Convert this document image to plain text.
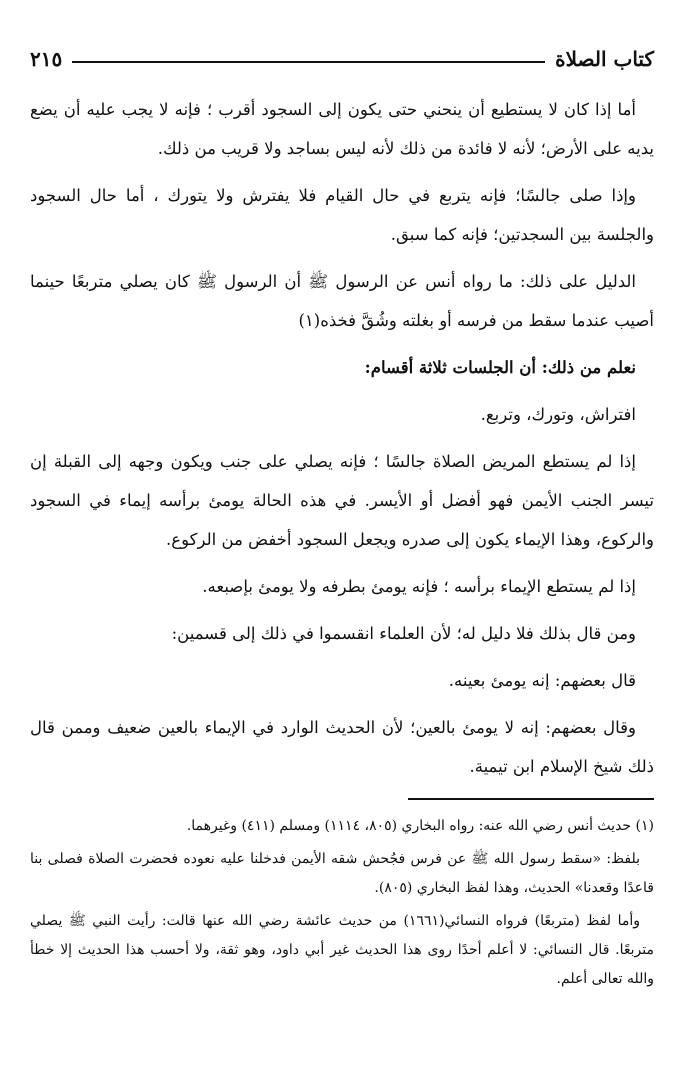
كتاب الصلاة
٢١٥

أما إذا كان لا يستطيع أن ينحني حتى يكون إلى السجود أقرب ؛ فإنه لا يجب عليه أن يضع يديه على الأرض؛ لأنه لا فائدة من ذلك لأنه ليس بساجد ولا قريب من ذلك.

وإذا صلى جالسًا؛ فإنه يتربع في حال القيام فلا يفترش ولا يتورك ، أما حال السجود والجلسة بين السجدتين؛ فإنه كما سبق.

الدليل على ذلك: ما رواه أنس عن الرسول ﷺ أن الرسول ﷺ كان يصلي متربعًا حينما أصيب عندما سقط من فرسه أو بغلته وشُقَّ فخذه(١)

نعلم من ذلك: أن الجلسات ثلاثة أقسام:

افتراش، وتورك، وتربع.

إذا لم يستطع المريض الصلاة جالسًا ؛ فإنه يصلي على جنب ويكون وجهه إلى القبلة إن تيسر الجنب الأيمن فهو أفضل أو الأيسر. في هذه الحالة يومئ برأسه إيماء في السجود والركوع، وهذا الإيماء يكون إلى صدره ويجعل السجود أخفض من الركوع.

إذا لم يستطع الإيماء برأسه ؛ فإنه يومئ بطرفه ولا يومئ بإصبعه.

ومن قال بذلك فلا دليل له؛ لأن العلماء انقسموا في ذلك إلى قسمين:

قال بعضهم: إنه يومئ بعينه.

وقال بعضهم: إنه لا يومئ بالعين؛ لأن الحديث الوارد في الإيماء بالعين ضعيف وممن قال ذلك شيخ الإسلام ابن تيمية.

(١) حديث أنس رضي الله عنه: رواه البخاري (٨٠٥، ١١١٤) ومسلم (٤١١) وغيرهما.

بلفظ: «سقط رسول الله ﷺ عن فرس فجُحش شقه الأيمن فدخلنا عليه نعوده فحضرت الصلاة فصلى بنا قاعدًا وقعدنا» الحديث، وهذا لفظ البخاري (٨٠٥).

وأما لفظ (متربعًا) فرواه النسائي(١٦٦١) من حديث عائشة رضي الله عنها قالت: رأيت النبي ﷺ يصلي متربعًا. قال النسائي: لا أعلم أحدًا روى هذا الحديث غير أبي داود، وهو ثقة، ولا أحسب هذا الحديث إلا خطأ والله تعالى أعلم.
